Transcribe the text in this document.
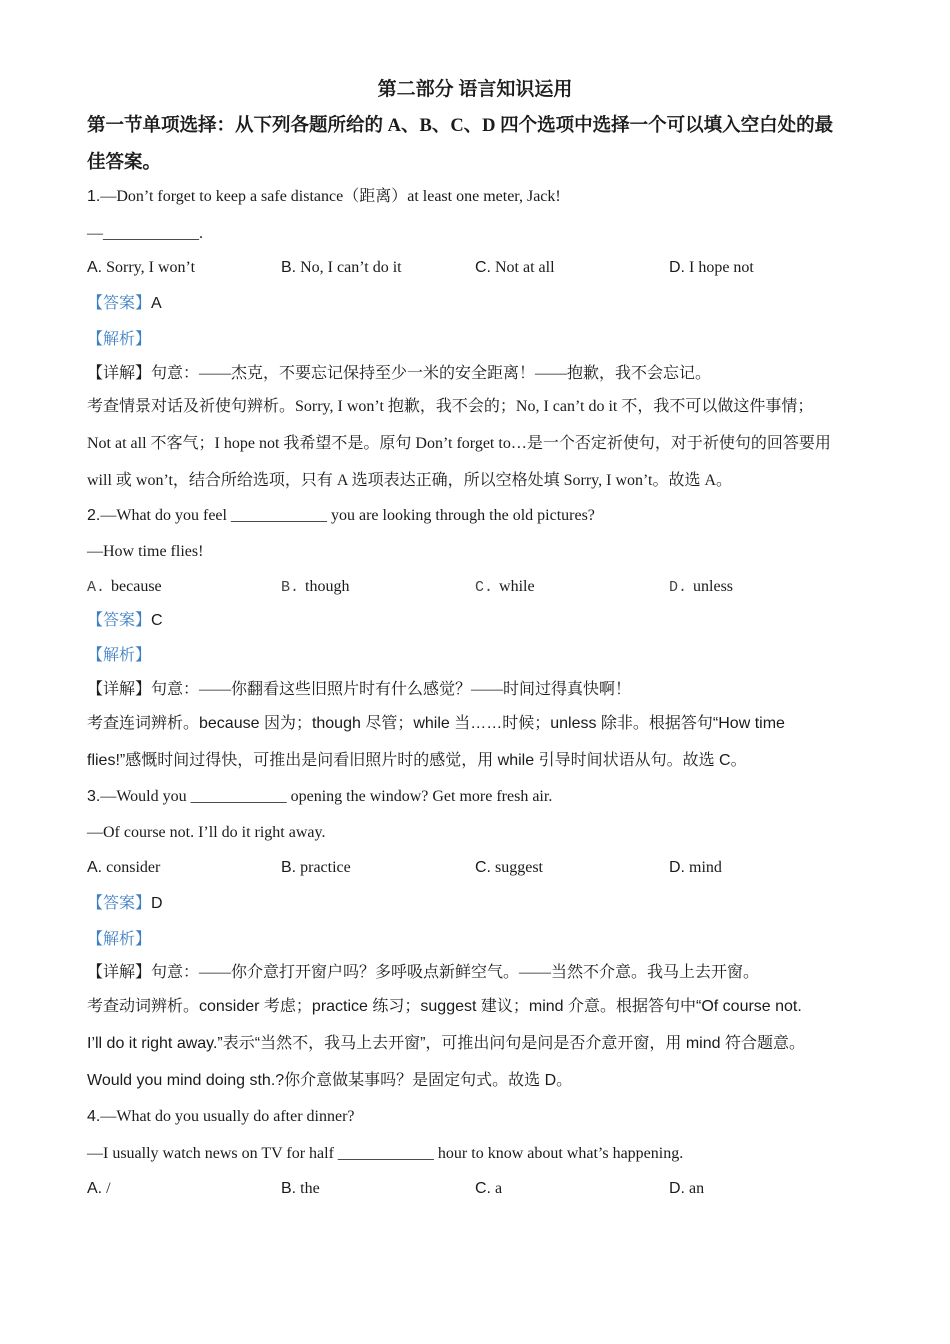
第二部分 语言知识运用
第一节单项选择：从下列各题所给的 A、B、C、D 四个选项中选择一个可以填入空白处的最
佳答案。
1.—Don’t forget to keep a safe distance（距离）at least one meter, Jack!
—____________.
A. Sorry, I won’t	B. No, I can’t do it	C. Not at all	D. I hope not
【答案】A
【解析】
【详解】句意：——杰克，不要忘记保持至少一米的安全距离！——抱歉，我不会忘记。
考查情景对话及祈使句辨析。Sorry, I won’t 抱歉，我不会的；No, I can’t do it 不，我不可以做这件事情；
Not at all 不客气；I hope not 我希望不是。原句 Don’t forget to…是一个否定祈使句，对于祈使句的回答要用
will 或 won’t，结合所给选项，只有 A 选项表达正确，所以空格处填 Sorry, I won’t。故选 A。
2.—What do you feel ____________ you are looking through the old pictures?
—How time flies!
A. because	B. though	C. while	D. unless
【答案】C
【解析】
【详解】句意：——你翻看这些旧照片时有什么感觉？——时间过得真快啊！
考查连词辨析。because 因为；though 尽管；while 当……时候；unless 除非。根据答句“How time
flies!”感慨时间过得快，可推出是问看旧照片时的感觉，用 while 引导时间状语从句。故选 C。
3.—Would you ____________ opening the window? Get more fresh air.
—Of course not. I’ll do it right away.
A. consider	B. practice	C. suggest	D. mind
【答案】D
【解析】
【详解】句意：——你介意打开窗户吗？多呼吸点新鲜空气。——当然不介意。我马上去开窗。
考查动词辨析。consider 考虑；practice 练习；suggest 建议；mind 介意。根据答句中“Of course not.
I’ll do it right away.”表示“当然不，我马上去开窗”，可推出问句是问是否介意开窗，用 mind 符合题意。
Would you mind doing sth.?你介意做某事吗？是固定句式。故选 D。
4.—What do you usually do after dinner?
—I usually watch news on TV for half ____________ hour to know about what’s happening.
A. /	B. the	C. a	D. an
